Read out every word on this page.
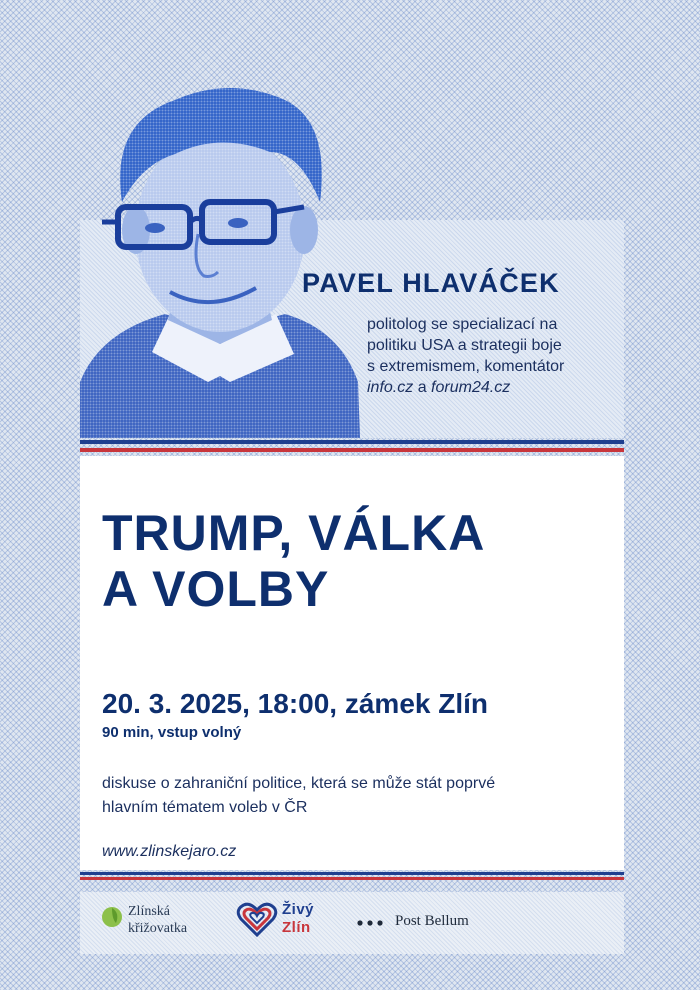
PAVEL HLAVÁČEK
politolog se specializací na
politiku USA a strategii boje
s extremismem, komentátor
info.cz a forum24.cz
TRUMP, VÁLKA
A VOLBY
20. 3. 2025, 18:00, zámek Zlín
90 min, vstup volný
diskuse o zahraniční politice, která se může stát poprvé
hlavním tématem voleb v ČR
www.zlinskejaro.cz
Zlínská
křižovatka
Živý
Zlín	Post Bellum
